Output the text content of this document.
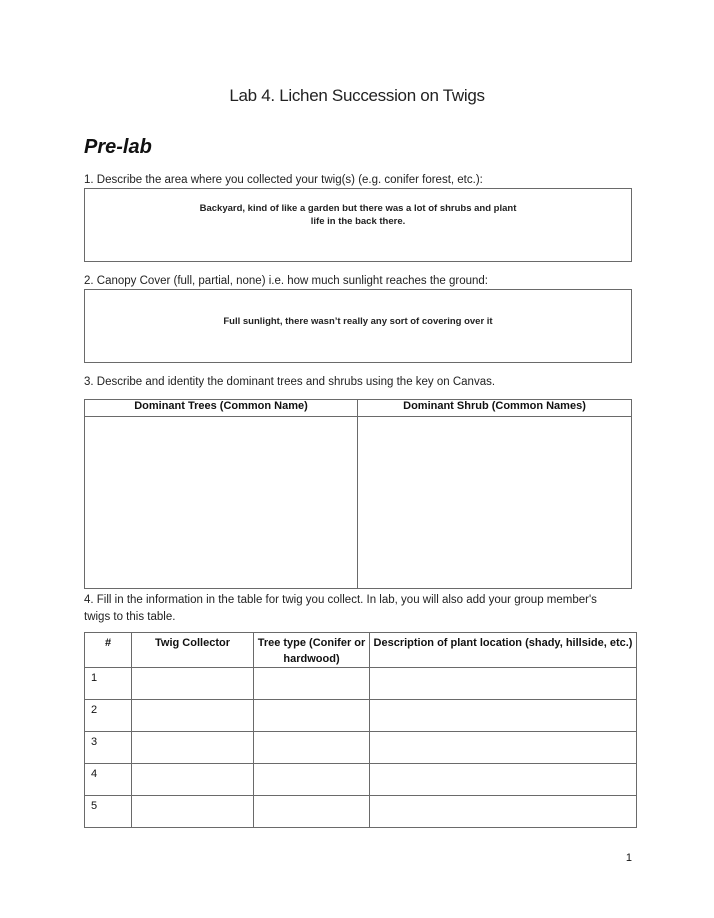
Lab 4. Lichen Succession on Twigs
Pre-lab
1. Describe the area where you collected your twig(s) (e.g. conifer forest, etc.):
Backyard, kind of like a garden but there was a lot of shrubs and plant
life in the back there.
2. Canopy Cover (full, partial, none) i.e. how much sunlight reaches the ground:
Full sunlight, there wasn’t really any sort of covering over it
3. Describe and identity the dominant trees and shrubs using the key on Canvas.
Dominant Trees (Common Name)	Dominant Shrub (Common Names)

4. Fill in the information in the table for twig you collect. In lab, you will also add your group member's
twigs to this table.
#	Twig Collector	Tree type (Conifer or hardwood)	Description of plant location (shady, hillside, etc.)
1			
2			
3			
4			
5			
1
